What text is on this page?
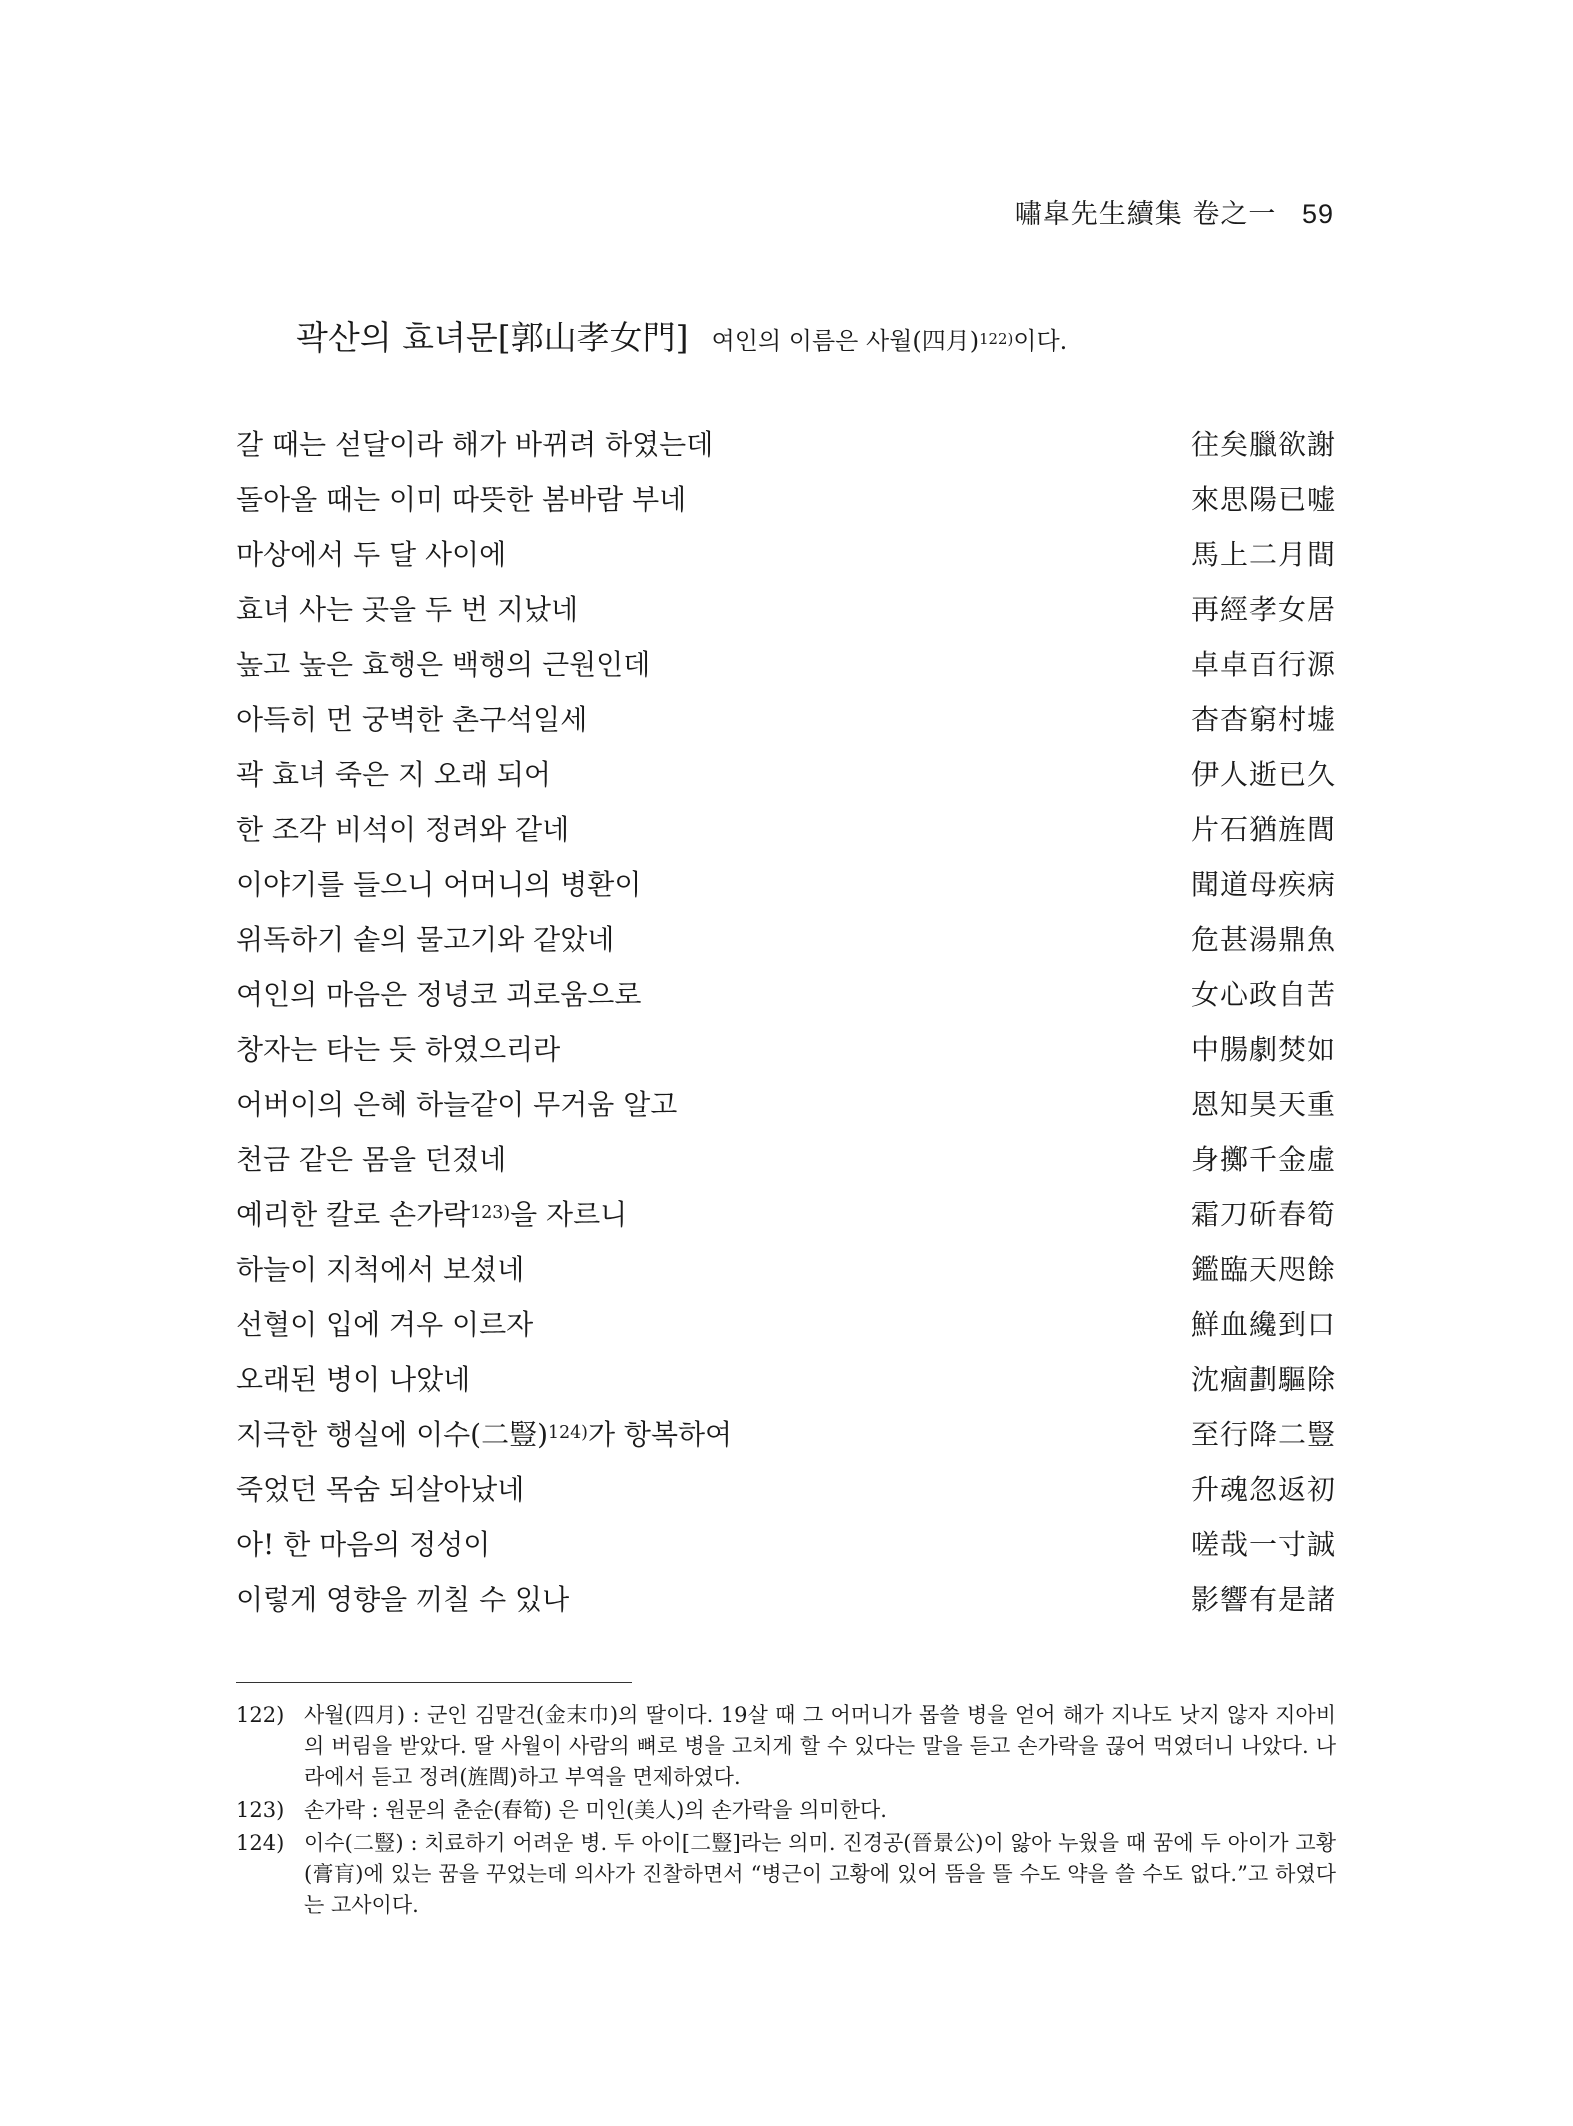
嘯皐先生續集 卷之一 59
곽산의 효녀문[郭山孝女門] 여인의 이름은 사월(四月)$^{122)}$이다.
갈 때는 섣달이라 해가 바뀌려 하였는데	往矣臘欲謝
돌아올 때는 이미 따뜻한 봄바람 부네	來思陽已嘘
마상에서 두 달 사이에	馬上二月間
효녀 사는 곳을 두 번 지났네	再經孝女居
높고 높은 효행은 백행의 근원인데	卓卓百行源
아득히 먼 궁벽한 촌구석일세	杳杳窮村墟
곽 효녀 죽은 지 오래 되어	伊人逝已久
한 조각 비석이 정려와 같네	片石猶旌閭
이야기를 들으니 어머니의 병환이	聞道母疾病
위독하기 솥의 물고기와 같았네	危甚湯鼎魚
여인의 마음은 정녕코 괴로움으로	女心政自苦
창자는 타는 듯 하였으리라	中腸劇焚如
어버이의 은혜 하늘같이 무거움 알고	恩知昊天重
천금 같은 몸을 던졌네	身擲千金虛
예리한 칼로 손가락$^{123)}$을 자르니	霜刀斫春筍
하늘이 지척에서 보셨네	鑑臨天咫餘
선혈이 입에 겨우 이르자	鮮血纔到口
오래된 병이 나았네	沈痼劃驅除
지극한 행실에 이수(二豎)$^{124)}$가 항복하여	至行降二豎
죽었던 목숨 되살아났네	升魂忽返初
아! 한 마음의 정성이	嗟哉一寸誠
이렇게 영향을 끼칠 수 있나	影響有是諸
122) 사월(四月) : 군인 김말건(金末巾)의 딸이다. 19살 때 그 어머니가 몹쓸 병을 얻어 해가 지나도 낫지 않자 지아비의 버림을 받았다. 딸 사월이 사람의 뼈로 병을 고치게 할 수 있다는 말을 듣고 손가락을 끊어 먹였더니 나았다. 나라에서 듣고 정려(旌閭)하고 부역을 면제하였다.
123) 손가락 : 원문의 춘순(春筍) 은 미인(美人)의 손가락을 의미한다.
124) 이수(二豎) : 치료하기 어려운 병. 두 아이[二豎]라는 의미. 진경공(晉景公)이 앓아 누웠을 때 꿈에 두 아이가 고황(膏肓)에 있는 꿈을 꾸었는데 의사가 진찰하면서 “병근이 고황에 있어 뜸을 뜰 수도 약을 쓸 수도 없다.”고 하였다는 고사이다.
